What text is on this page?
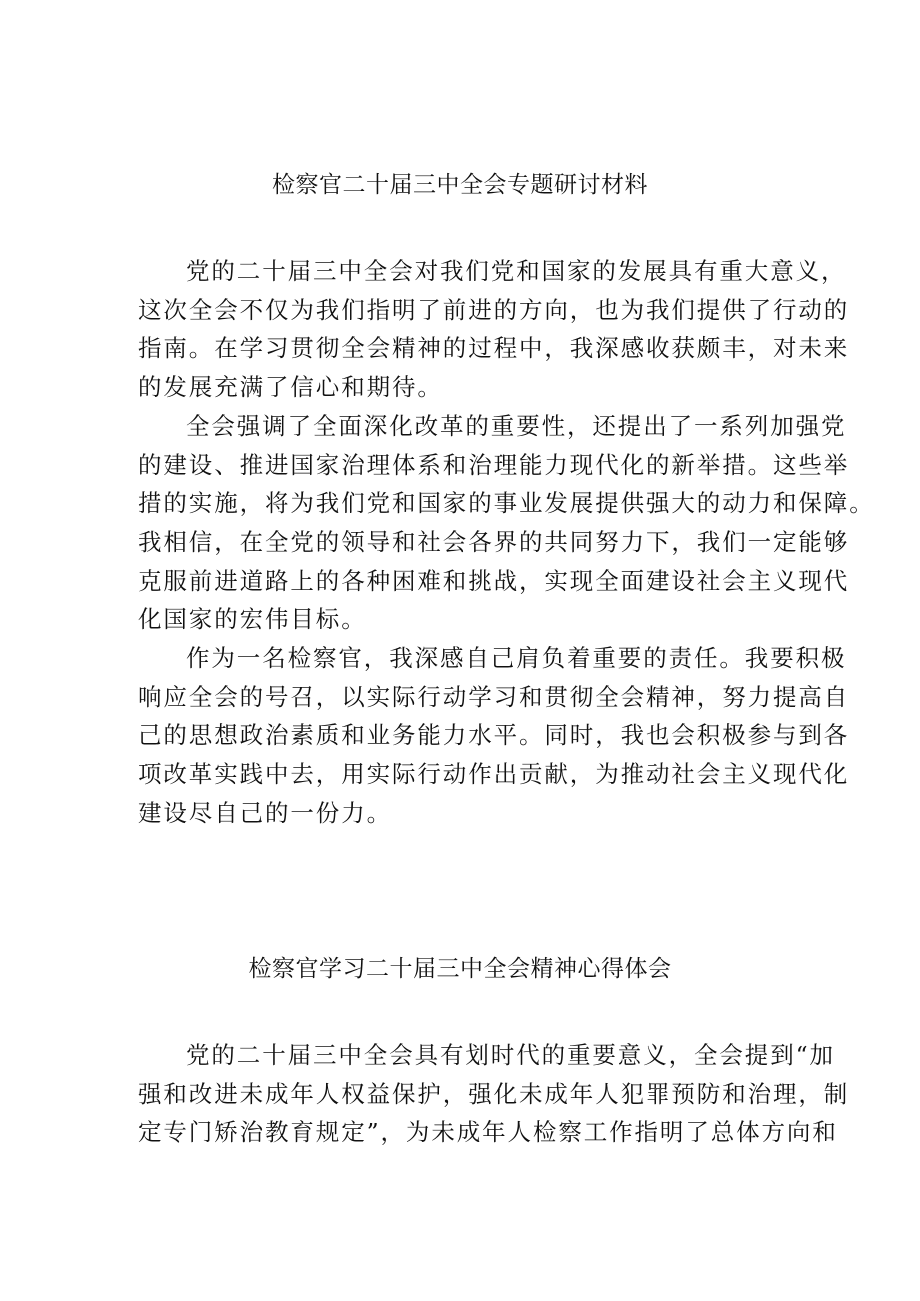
检察官二十届三中全会专题研讨材料

党的二十届三中全会对我们党和国家的发展具有重大意义，
这次全会不仅为我们指明了前进的方向，也为我们提供了行动的
指南。在学习贯彻全会精神的过程中，我深感收获颇丰，对未来
的发展充满了信心和期待。

全会强调了全面深化改革的重要性，还提出了一系列加强党
的建设、推进国家治理体系和治理能力现代化的新举措。这些举
措的实施，将为我们党和国家的事业发展提供强大的动力和保障。
我相信，在全党的领导和社会各界的共同努力下，我们一定能够
克服前进道路上的各种困难和挑战，实现全面建设社会主义现代
化国家的宏伟目标。

作为一名检察官，我深感自己肩负着重要的责任。我要积极
响应全会的号召，以实际行动学习和贯彻全会精神，努力提高自
己的思想政治素质和业务能力水平。同时，我也会积极参与到各
项改革实践中去，用实际行动作出贡献，为推动社会主义现代化
建设尽自己的一份力。

检察官学习二十届三中全会精神心得体会

党的二十届三中全会具有划时代的重要意义，全会提到“加
强和改进未成年人权益保护，强化未成年人犯罪预防和治理，制
定专门矫治教育规定”，为未成年人检察工作指明了总体方向和
